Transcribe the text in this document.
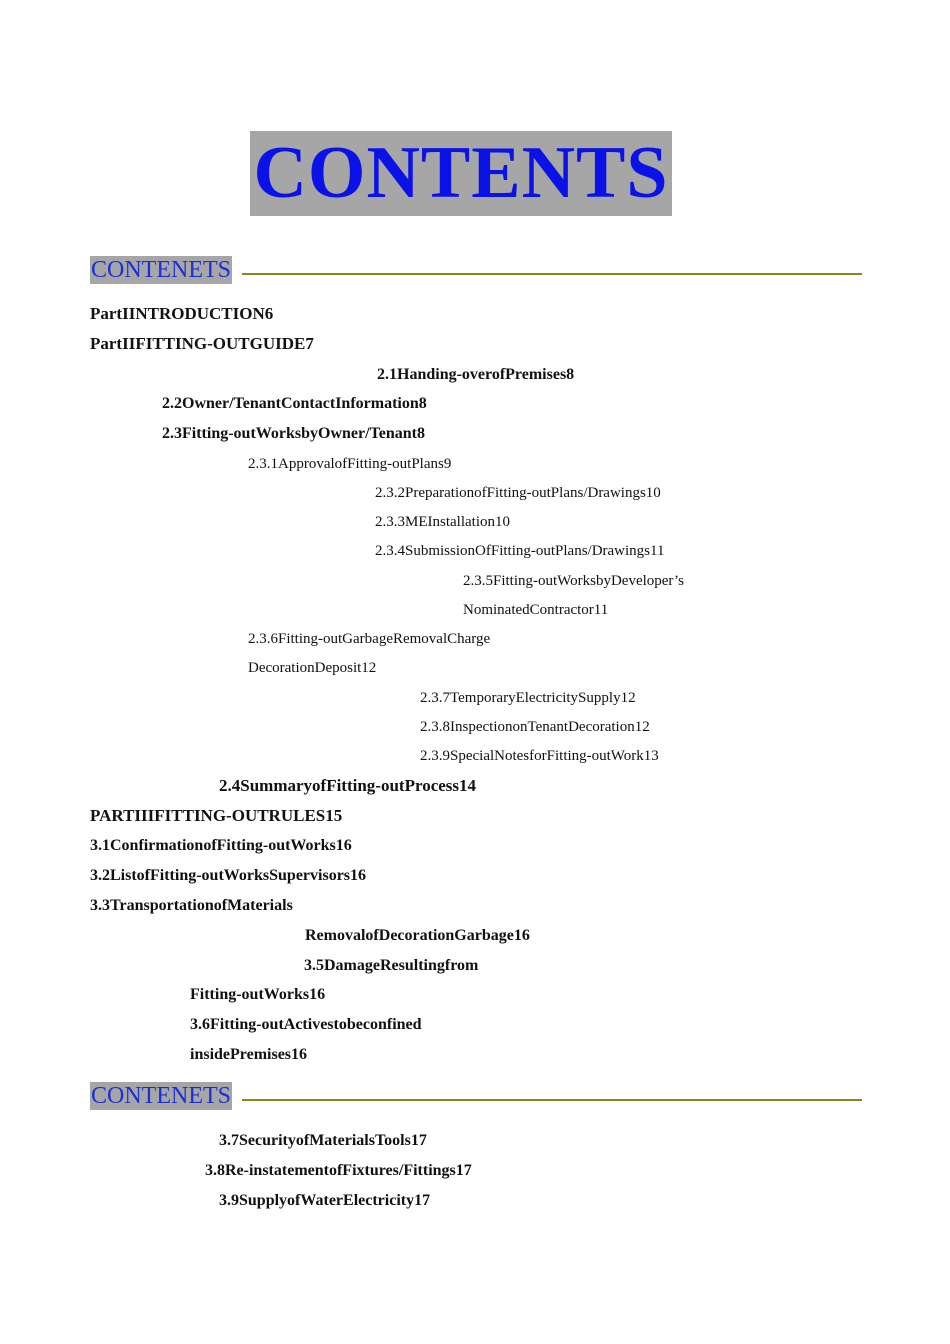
CONTENTS
CONTENETS
PartIINTRODUCTION6
PartIIFITTING-OUTGUIDE7
2.1Handing-overofPremises8
2.2Owner/TenantContactInformation8
2.3Fitting-outWorksbyOwner/Tenant8
2.3.1ApprovalofFitting-outPlans9
2.3.2PreparationofFitting-outPlans/Drawings10
2.3.3MEInstallation10
2.3.4SubmissionOfFitting-outPlans/Drawings11
2.3.5Fitting-outWorksbyDeveloper’s
NominatedContractor11
2.3.6Fitting-outGarbageRemovalCharge
DecorationDeposit12
2.3.7TemporaryElectricitySupply12
2.3.8InspectiononTenantDecoration12
2.3.9SpecialNotesforFitting-outWork13
2.4SummaryofFitting-outProcess14
PARTIIIFITTING-OUTRULES15
3.1ConfirmationofFitting-outWorks16
3.2ListofFitting-outWorksSupervisors16
3.3TransportationofMaterials
RemovalofDecorationGarbage16
3.5DamageResultingfrom
Fitting-outWorks16
3.6Fitting-outActivestobeconfined
insidePremises16
CONTENETS
3.7SecurityofMaterialsTools17
3.8Re-instatementofFixtures/Fittings17
3.9SupplyofWaterElectricity17
